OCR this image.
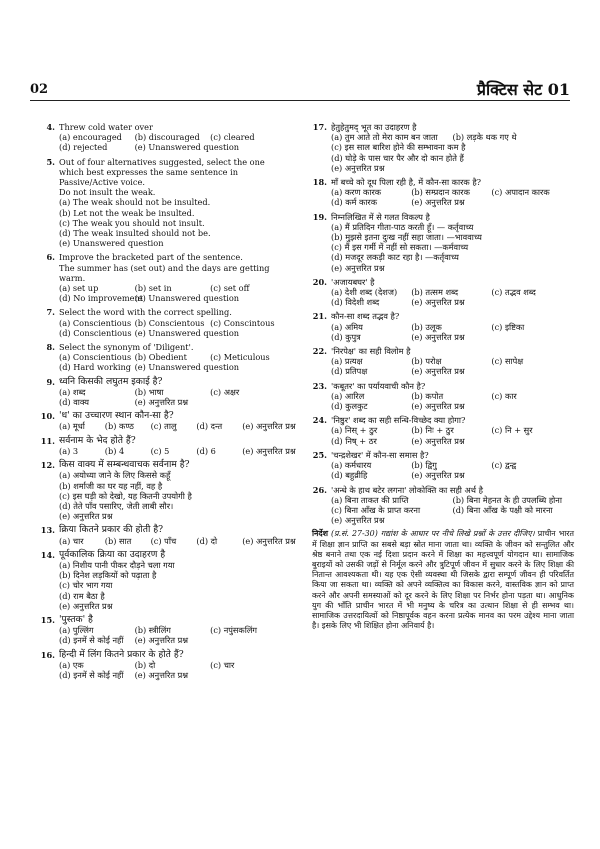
02	प्रैक्टिस सेट 01
4. Threw cold water over
(a) encouraged	(b) discouraged	(c) cleared
(d) rejected	(e) Unanswered question
5. Out of four alternatives suggested, select the one which best expresses the same sentence in Passive/Active voice.
Do not insult the weak.
(a) The weak should not be insulted.
(b) Let not the weak be insulted.
(c) The weak you should not insult.
(d) The weak insulted should not be.
(e) Unanswered question
6. Improve the bracketed part of the sentence.
The summer has (set out) and the days are getting warm.
(a) set up	(b) set in	(c) set off
(d) No improvement
(e) Unanswered question
7. Select the word with the correct spelling.
(a) Conscientious (b) Conscientous (c) Conscintous
(d) Conscientious (e) Unanswered question
8. Select the synonym of 'Diligent'.
(a) Conscientious (b) Obedient	(c) Meticulous
(d) Hard working (e) Unanswered question
9. ध्वनि किसकी लघुतम इकाई है?
(a) शब्द	(b) भाषा	(c) अक्षर
(d) वाक्य	(e) अनुत्तरित प्रश्न
10. 'ध' का उच्चारण स्थान कौन-सा है?
(a) मूर्धा	(b) कण्ठ	(c) तालु	(d) दन्त	(e) अनुत्तरित प्रश्न
11. सर्वनाम के भेद होते हैं?
(a) 3	(b) 4	(c) 5	(d) 6	(e) अनुत्तरित प्रश्न
12. किस वाक्य में सम्बन्धवाचक सर्वनाम है?
(a) अयोध्या जाने के लिए किससे कहूँ
(b) शर्माजी का घर यह नहीं, वह है
(c) इस घड़ी को देखो, यह कितनी उपयोगी है
(d) तेते पाँव पसारिए, जेती लाबी सौर।
(e) अनुत्तरित प्रश्न
13. क्रिया कितने प्रकार की होती है?
(a) चार	(b) सात	(c) पाँच	(d) दो	(e) अनुत्तरित प्रश्न
14. पूर्वकालिक क्रिया का उदाहरण है
(a) निशीय पानी पीकर दौड़ने चला गया
(b) दिनेश लड़कियों को पढ़ाता है
(c) चोर भाग गया
(d) राम बैठा है
(e) अनुत्तरित प्रश्न
15. 'पुस्तक' है
(a) पुल्लिंग	(b) स्त्रीलिंग	(c) नपुंसकलिंग
(d) इनमें से कोई नहीं	(e) अनुत्तरित प्रश्न
16. हिन्दी में लिंग कितने प्रकार के होते हैं?
(a) एक	(b) दो	(c) चार
(d) इनमें से कोई नहीं	(e) अनुत्तरित प्रश्न
17. हेतुहेतुमद् भूत का उदाहरण है
(a) तुम आते तो मेरा काम बन जाता	(b) लड़के थक गए थे
(c) इस साल बारिश होने की सम्भावना कम है
(d) घोड़े के पास चार पैर और दो कान होते हैं
(e) अनुत्तरित प्रश्न
18. माँ बच्चे को दूध पिला रही है, में कौन-सा कारक है?
(a) करण कारक	(b) सम्प्रदान कारक	(c) अपादान कारक
(d) कर्म कारक	(e) अनुत्तरित प्रश्न
19. निम्नलिखित में से गलत विकल्प है
(a) मैं प्रतिदिन गीता-पाठ करती हूँ। — कर्तृवाच्य
(b) मुझसे इतना दुःख नहीं सहा जाता। —भाववाच्य
(c) मैं इस गर्मी में नहीं सो सकता। —कर्मवाच्य
(d) मजदूर लकड़ी काट रहा है। —कर्तृवाच्य
(e) अनुत्तरित प्रश्न
20. 'अजायबघर' है
(a) देशी शब्द (देशज)	(b) तत्सम शब्द	(c) तद्भव शब्द
(d) विदेशी शब्द	(e) अनुत्तरित प्रश्न
21. कौन-सा शब्द तद्भव है?
(a) अमिय	(b) उलूक	(c) इष्टिका
(d) कुपुत्र	(e) अनुत्तरित प्रश्न
22. 'निरपेक्ष' का सही विलोम है
(a) प्रत्यक्ष	(b) परोक्ष	(c) सापेक्ष
(d) प्रतिपक्ष	(e) अनुत्तरित प्रश्न
23. 'कबूतर' का पर्यायवाची कौन है?
(a) आरिल	(b) कपोत	(c) कार
(d) कुलकुट	(e) अनुत्तरित प्रश्न
24. 'निष्ठुर' शब्द का सही सन्धि-विच्छेद क्या होगा?
(a) निस् + ठुर	(b) निः + ठुर	(c) नि + सुर
(d) निष् + ठर	(e) अनुत्तरित प्रश्न
25. 'चन्द्रशेखर' में कौन-सा समास है?
(a) कर्मधारय	(b) द्विगु	(c) द्वन्द्व
(d) बहुव्रीहि	(e) अनुत्तरित प्रश्न
26. 'अन्धे के हाथ बटेर लगना' लोकोक्ति का सही अर्थ है
(a) बिना ताकत की प्राप्ति	(b) बिना मेहनत के ही उपलब्धि होना
(c) बिना आँख के प्राप्त करना	(d) बिना आँख के पक्षी को मारना
(e) अनुत्तरित प्रश्न
निर्देश (प्र.सं. 27-30) गद्यांश के आधार पर नीचे लिखे प्रश्नों के उत्तर दीजिए। प्राचीन भारत में शिक्षा ज्ञान प्राप्ति का सबसे बड़ा स्रोत माना जाता था। व्यक्ति के जीवन को सन्तुलित और श्रेष्ठ बनाने तथा एक नई दिशा प्रदान करने में शिक्षा का महत्त्वपूर्ण योगदान था। सामाजिक बुराइयों को उसकी जड़ों से निर्मूल करने और त्रुटिपूर्ण जीवन में सुधार करने के लिए शिक्षा की नितान्त आवश्यकता थी। यह एक ऐसी व्यवस्था थी जिसके द्वारा सम्पूर्ण जीवन ही परिवर्तित किया जा सकता था। व्यक्ति को अपने व्यक्तित्व का विकास करने, वास्तविक ज्ञान को प्राप्त करने और अपनी समस्याओं को दूर करने के लिए शिक्षा पर निर्भर होना पड़ता था। आधुनिक युग की भाँति प्राचीन भारत में भी मनुष्य के चरित्र का उत्थान शिक्षा से ही सम्भव था। सामाजिक उत्तरदायित्वों को निष्ठापूर्वक वहन करना प्रत्येक मानव का परम उद्देश्य माना जाता है। इसके लिए भी शिक्षित होना अनिवार्य है।
